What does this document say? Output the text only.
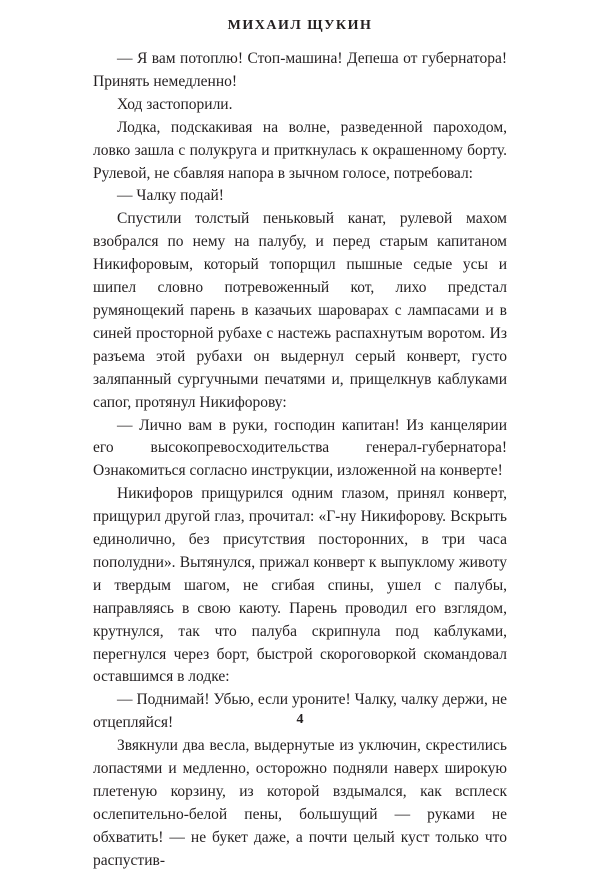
МИХАИЛ ЩУКИН

— Я вам потоплю! Стоп-машина! Депеша от губернатора! Принять немедленно!

Ход застопорили.

Лодка, подскакивая на волне, разведенной пароходом, ловко зашла с полукруга и приткнулась к окрашенному борту. Рулевой, не сбавляя напора в зычном голосе, потребовал:

— Чалку подай!

Спустили толстый пеньковый канат, рулевой махом взобрался по нему на палубу, и перед старым капитаном Никифоровым, который топорщил пышные седые усы и шипел словно потревоженный кот, лихо предстал румянощекий парень в казачьих шароварах с лампасами и в синей просторной рубахе с настежь распахнутым воротом. Из разъема этой рубахи он выдернул серый конверт, густо заляпанный сургучными печатями и, прищелкнув каблуками сапог, протянул Никифорову:

— Лично вам в руки, господин капитан! Из канцелярии его высокопревосходительства генерал-губернатора! Ознакомиться согласно инструкции, изложенной на конверте!

Никифоров прищурился одним глазом, принял конверт, прищурил другой глаз, прочитал: «Г-ну Никифорову. Вскрыть единолично, без присутствия посторонних, в три часа пополудни». Вытянулся, прижал конверт к выпуклому животу и твердым шагом, не сгибая спины, ушел с палубы, направляясь в свою каюту. Парень проводил его взглядом, крутнулся, так что палуба скрипнула под каблуками, перегнулся через борт, быстрой скороговоркой скомандовал оставшимся в лодке:

— Поднимай! Убью, если уроните! Чалку, чалку держи, не отцепляйся!

Звякнули два весла, выдернутые из уключин, скрестились лопастями и медленно, осторожно подняли наверх широкую плетеную корзину, из которой вздымался, как всплеск ослепительно-белой пены, большущий — руками не обхватить! — не букет даже, а почти целый куст только что распустив-

4
